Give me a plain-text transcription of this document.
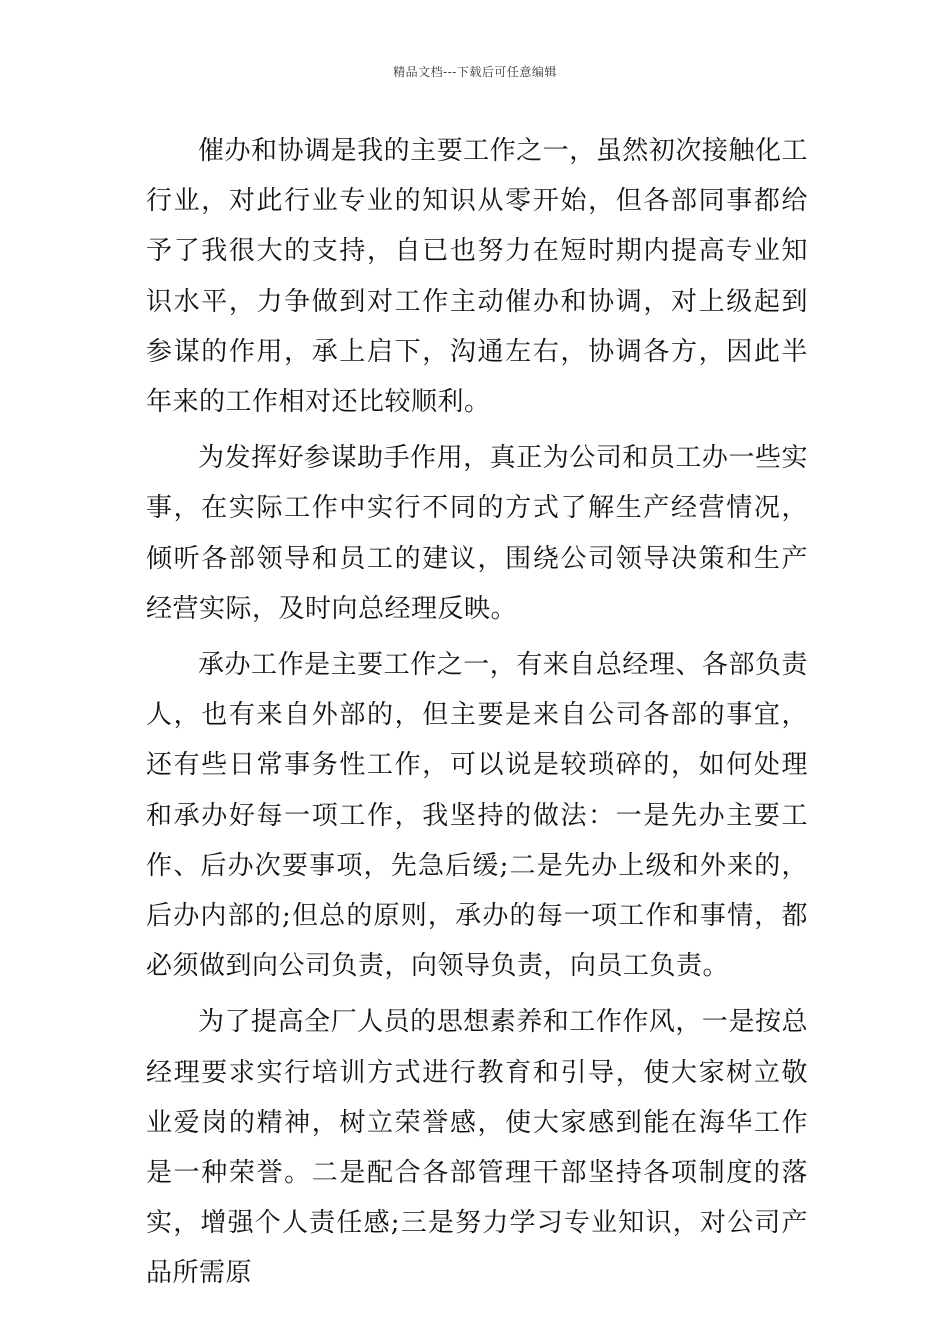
精品文档---下载后可任意编辑

催办和协调是我的主要工作之一，虽然初次接触化工行业，对此行业专业的知识从零开始，但各部同事都给予了我很大的支持，自已也努力在短时期内提高专业知识水平，力争做到对工作主动催办和协调，对上级起到参谋的作用，承上启下，沟通左右，协调各方，因此半年来的工作相对还比较顺利。

为发挥好参谋助手作用，真正为公司和员工办一些实事，在实际工作中实行不同的方式了解生产经营情况，倾听各部领导和员工的建议，围绕公司领导决策和生产经营实际，及时向总经理反映。

承办工作是主要工作之一，有来自总经理、各部负责人，也有来自外部的，但主要是来自公司各部的事宜，还有些日常事务性工作，可以说是较琐碎的，如何处理和承办好每一项工作，我坚持的做法：一是先办主要工作、后办次要事项，先急后缓;二是先办上级和外来的，后办内部的;但总的原则，承办的每一项工作和事情，都必须做到向公司负责，向领导负责，向员工负责。

为了提高全厂人员的思想素养和工作作风，一是按总经理要求实行培训方式进行教育和引导，使大家树立敬业爱岗的精神，树立荣誉感，使大家感到能在海华工作是一种荣誉。二是配合各部管理干部坚持各项制度的落实，增强个人责任感;三是努力学习专业知识，对公司产品所需原
